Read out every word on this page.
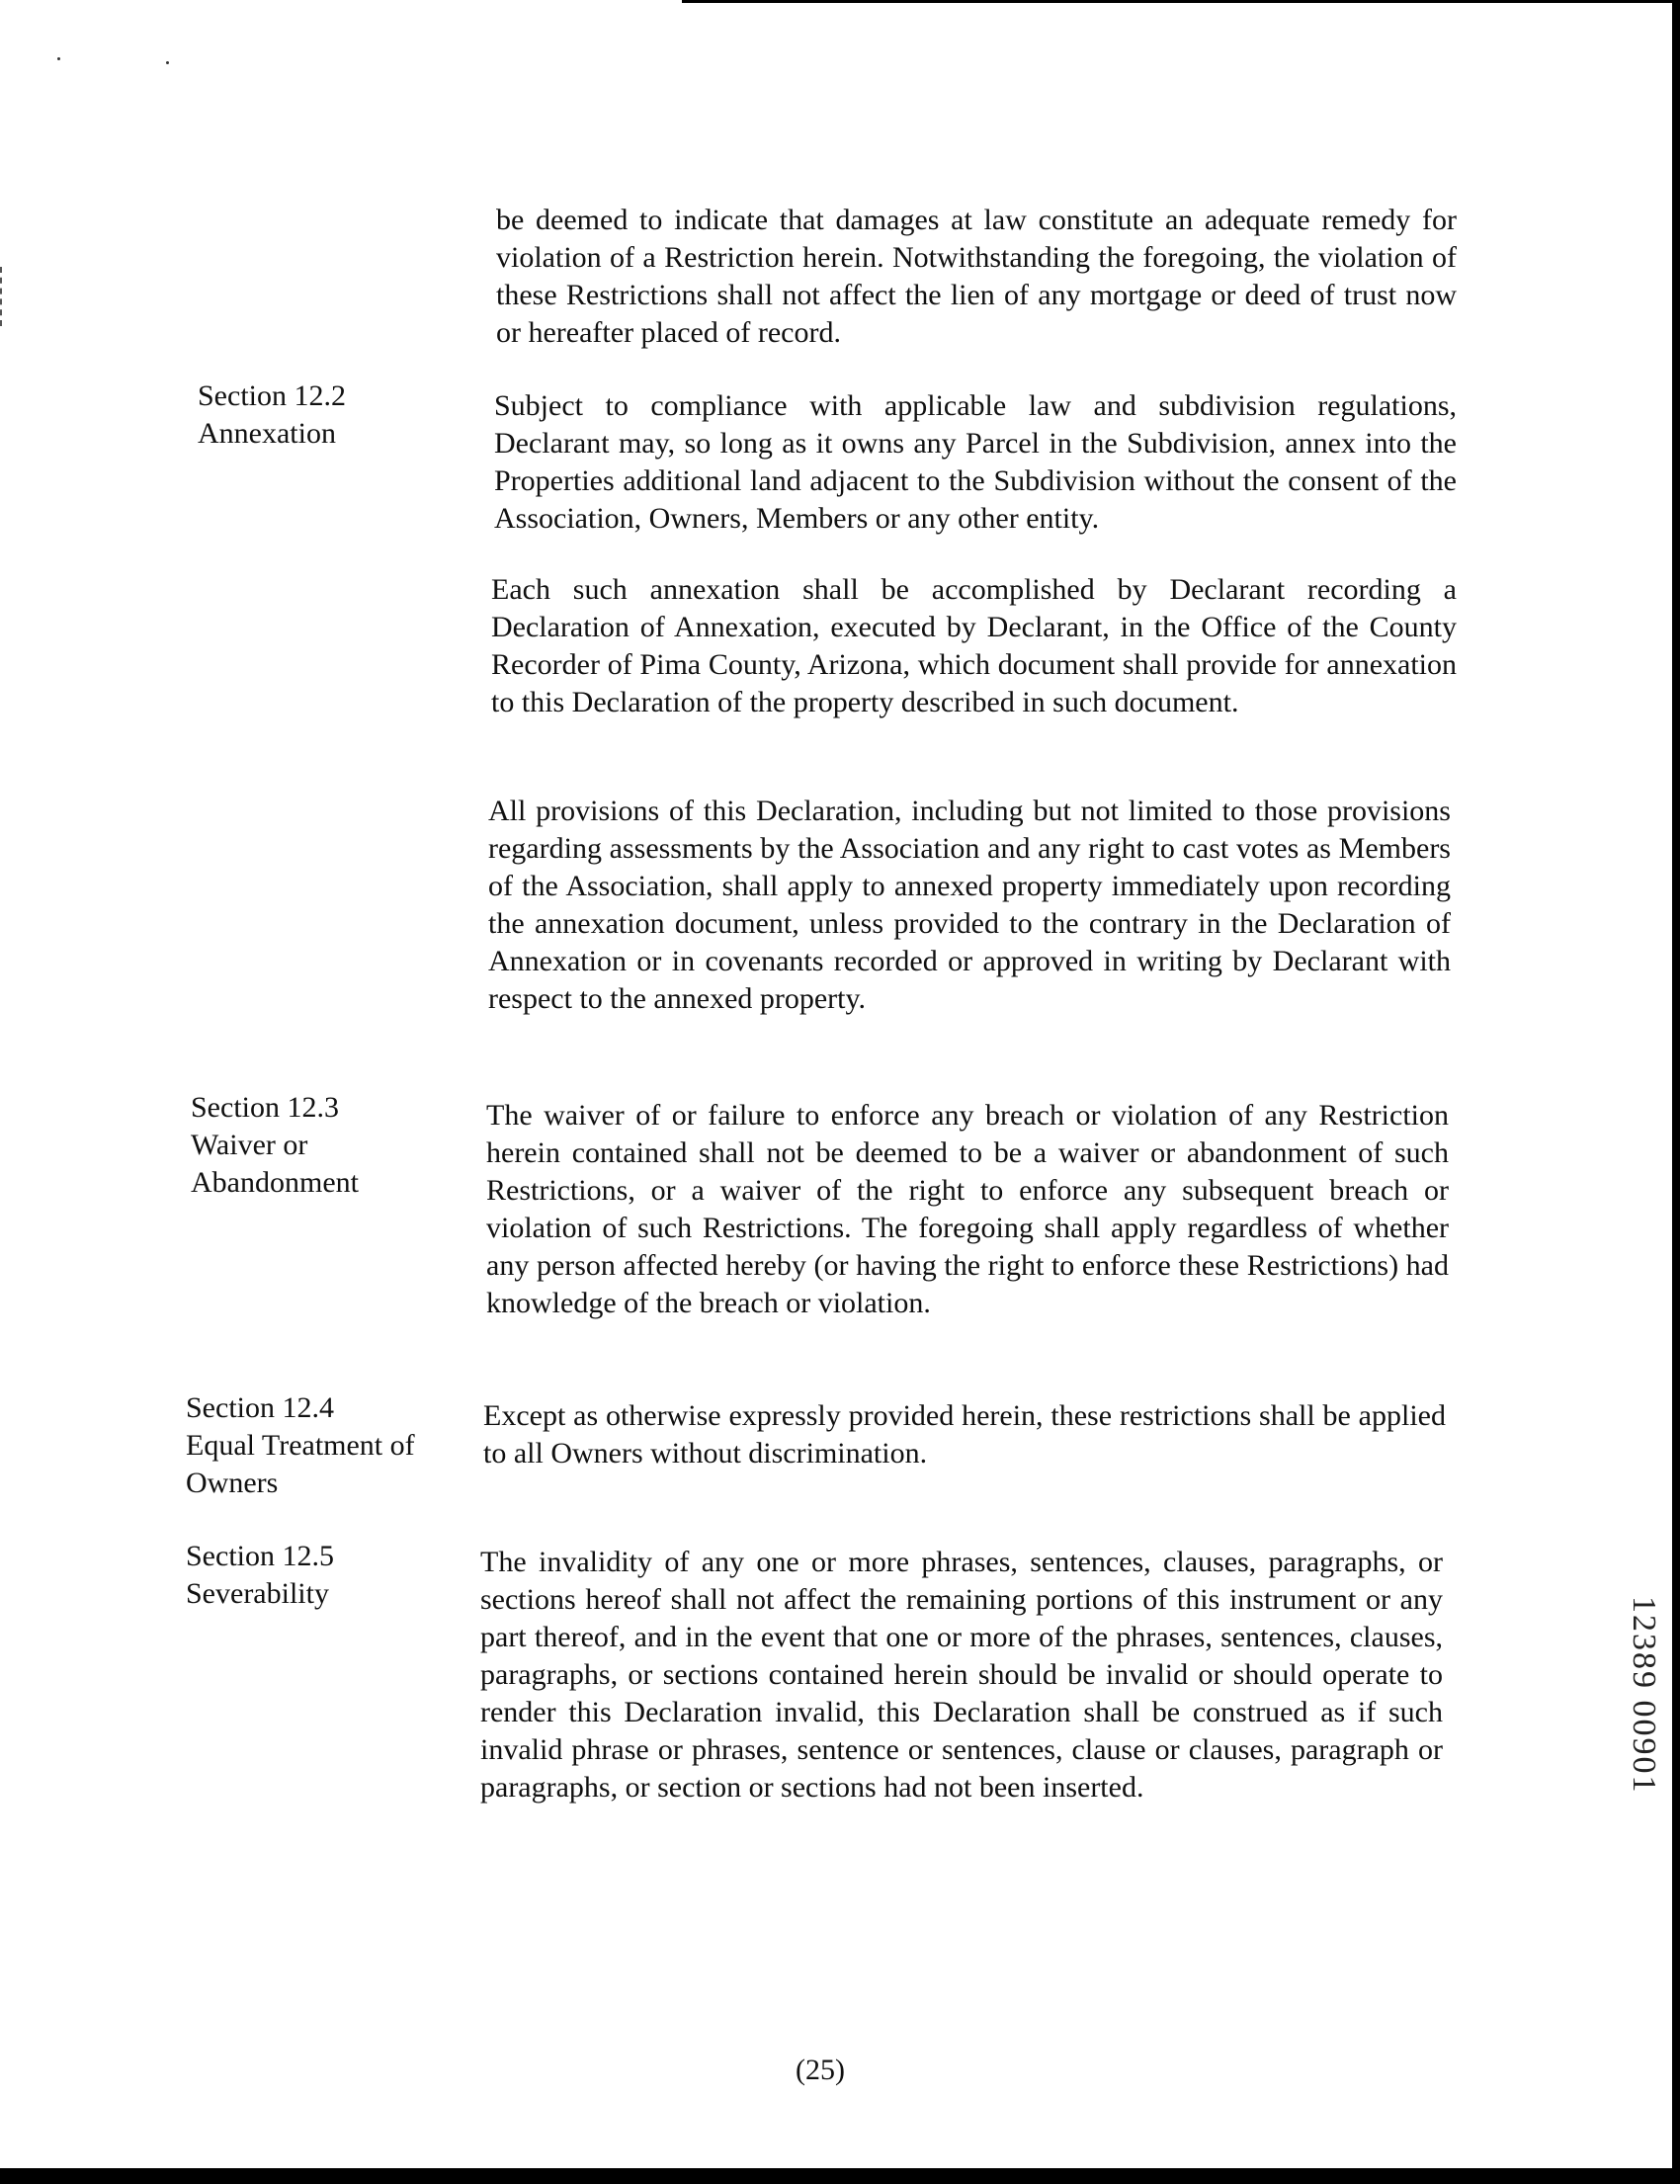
be deemed to indicate that damages at law constitute an adequate remedy for violation of a Restriction herein. Notwithstanding the foregoing, the violation of these Restrictions shall not affect the lien of any mortgage or deed of trust now or hereafter placed of record.
Section 12.2
Annexation
Subject to compliance with applicable law and subdivision regulations, Declarant may, so long as it owns any Parcel in the Subdivision, annex into the Properties additional land adjacent to the Subdivision without the consent of the Association, Owners, Members or any other entity.
Each such annexation shall be accomplished by Declarant recording a Declaration of Annexation, executed by Declarant, in the Office of the County Recorder of Pima County, Arizona, which document shall provide for annexation to this Declaration of the property described in such document.
All provisions of this Declaration, including but not limited to those provisions regarding assessments by the Association and any right to cast votes as Members of the Association, shall apply to annexed property immediately upon recording the annexation document, unless provided to the contrary in the Declaration of Annexation or in covenants recorded or approved in writing by Declarant with respect to the annexed property.
Section 12.3
Waiver or
Abandonment
The waiver of or failure to enforce any breach or violation of any Restriction herein contained shall not be deemed to be a waiver or abandonment of such Restrictions, or a waiver of the right to enforce any subsequent breach or violation of such Restrictions. The foregoing shall apply regardless of whether any person affected hereby (or having the right to enforce these Restrictions) had knowledge of the breach or violation.
Section 12.4
Equal Treatment of
Owners
Except as otherwise expressly provided herein, these restrictions shall be applied to all Owners without discrimination.
Section 12.5
Severability
The invalidity of any one or more phrases, sentences, clauses, paragraphs, or sections hereof shall not affect the remaining portions of this instrument or any part thereof, and in the event that one or more of the phrases, sentences, clauses, paragraphs, or sections contained herein should be invalid or should operate to render this Declaration invalid, this Declaration shall be construed as if such invalid phrase or phrases, sentence or sentences, clause or clauses, paragraph or paragraphs, or section or sections had not been inserted.
(25)
12389 00901
